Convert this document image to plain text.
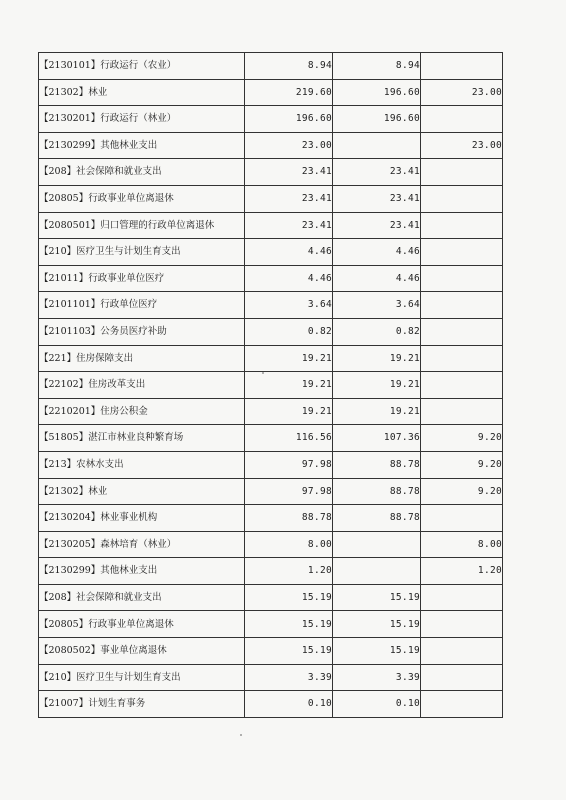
【2130101】行政运行（农业）	8.94	8.94	
【21302】林业	219.60	196.60	23.00
【2130201】行政运行（林业）	196.60	196.60	
【2130299】其他林业支出	23.00		23.00
【208】社会保障和就业支出	23.41	23.41	
【20805】行政事业单位离退休	23.41	23.41	
【2080501】归口管理的行政单位离退休	23.41	23.41	
【210】医疗卫生与计划生育支出	4.46	4.46	
【21011】行政事业单位医疗	4.46	4.46	
【2101101】行政单位医疗	3.64	3.64	
【2101103】公务员医疗补助	0.82	0.82	
【221】住房保障支出	19.21	19.21	
【22102】住房改革支出	19.21	19.21	
【2210201】住房公积金	19.21	19.21	
【51805】湛江市林业良种繁育场	116.56	107.36	9.20
【213】农林水支出	97.98	88.78	9.20
【21302】林业	97.98	88.78	9.20
【2130204】林业事业机构	88.78	88.78	
【2130205】森林培育（林业）	8.00		8.00
【2130299】其他林业支出	1.20		1.20
【208】社会保障和就业支出	15.19	15.19	
【20805】行政事业单位离退休	15.19	15.19	
【2080502】事业单位离退休	15.19	15.19	
【210】医疗卫生与计划生育支出	3.39	3.39	
【21007】计划生育事务	0.10	0.10	
